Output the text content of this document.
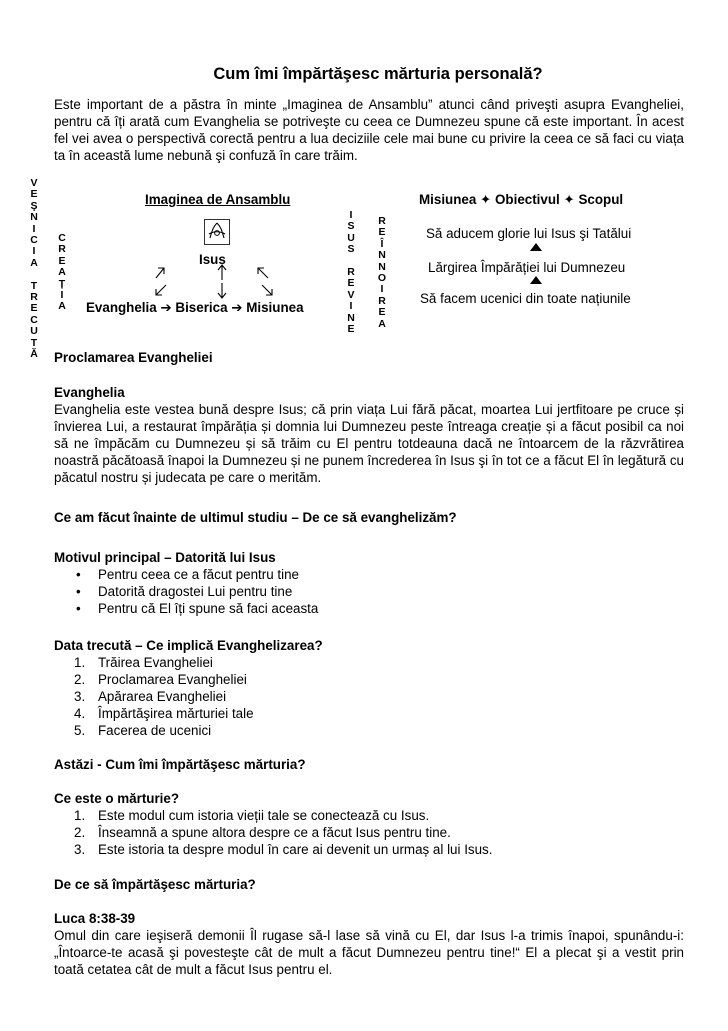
Cum îmi împărtăşesc mărturia personală?
Este important de a păstra în minte „Imaginea de Ansamblu” atunci când priveşti asupra Evangheliei, pentru că îți arată cum Evanghelia se potriveşte cu ceea ce Dumnezeu spune că este important. În acest fel vei avea o perspectivă corectă pentru a lua deciziile cele mai bune cu privire la ceea ce să faci cu viața ta în această lume nebună şi confuză în care trăim.
V
E
Ş
N
I
C
I
A

T
R
E
C
U
T
Ă
C
R
E
A
Ț
I
A
Imaginea de Ansamblu
Isus
Evanghelia ➔ Biserica ➔ Misiunea
I
S
U
S

R
E
V
I
N
E
R
E
Î
N
N
O
I
R
E
A
Misiunea ✦ Obiectivul ✦ Scopul
Să aducem glorie lui Isus şi Tatălui
Lărgirea Împărăției lui Dumnezeu
Să facem ucenici din toate națiunile
Proclamarea Evangheliei
Evanghelia
Evanghelia este vestea bună despre Isus; că prin viața Lui fără păcat, moartea Lui jertfitoare pe cruce și învierea Lui, a restaurat împărăția și domnia lui Dumnezeu peste întreaga creație și a făcut posibil ca noi să ne împăcăm cu Dumnezeu și să trăim cu El pentru totdeauna dacă ne întoarcem de la răzvrătirea noastră păcătoasă înapoi la Dumnezeu și ne punem încrederea în Isus şi în tot ce a făcut El în legătură cu păcatul nostru și judecata pe care o merităm.
Ce am făcut înainte de ultimul studiu – De ce să evanghelizăm?
Motivul principal – Datorită lui Isus
•	Pentru ceea ce a făcut pentru tine
•	Datorită dragostei Lui pentru tine
•	Pentru că El îți spune să faci aceasta
Data trecută – Ce implică Evanghelizarea?
1. Trăirea Evangheliei
2. Proclamarea Evangheliei
3. Apărarea Evangheliei
4. Împărtăşirea mărturiei tale
5. Facerea de ucenici
Astăzi - Cum îmi împărtăşesc mărturia?
Ce este o mărturie?
1. Este modul cum istoria vieții tale se conectează cu Isus.
2. Înseamnă a spune altora despre ce a făcut Isus pentru tine.
3. Este istoria ta despre modul în care ai devenit un urmaș al lui Isus.
De ce să împărtăşesc mărturia?
Luca 8:38-39
Omul din care ieşiseră demonii Îl rugase să-l lase să vină cu El, dar Isus l-a trimis înapoi, spunându-i: „Întoarce-te acasă şi povesteşte cât de mult a făcut Dumnezeu pentru tine!“ El a plecat şi a vestit prin toată cetatea cât de mult a făcut Isus pentru el.
